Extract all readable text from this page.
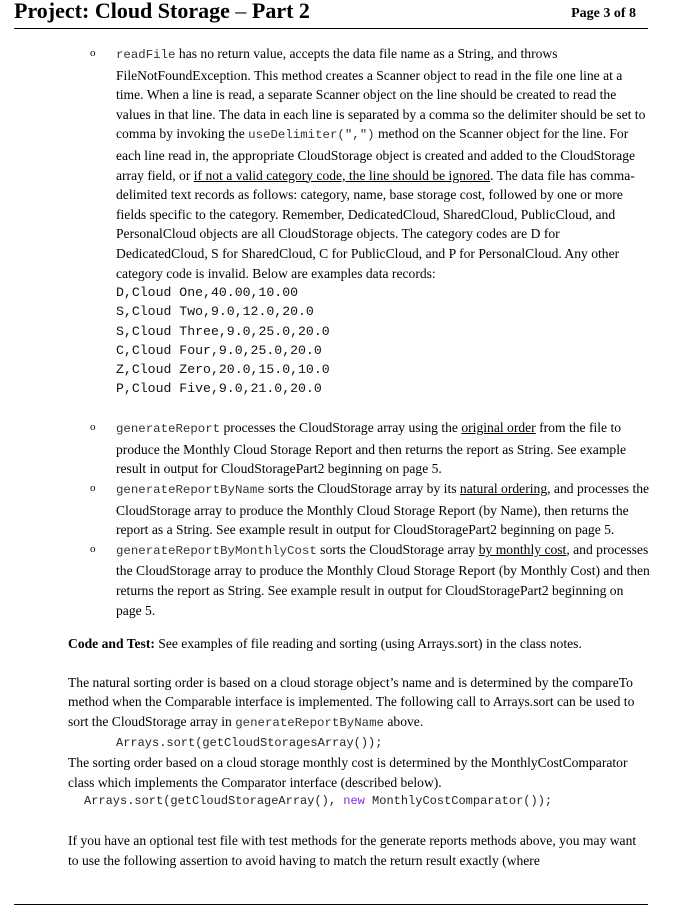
Project: Cloud Storage – Part 2	Page 3 of 8
o readFile has no return value, accepts the data file name as a String, and throws FileNotFoundException. This method creates a Scanner object to read in the file one line at a time. When a line is read, a separate Scanner object on the line should be created to read the values in that line. The data in each line is separated by a comma so the delimiter should be set to comma by invoking the useDelimiter(",") method on the Scanner object for the line. For each line read in, the appropriate CloudStorage object is created and added to the CloudStorage array field, or if not a valid category code, the line should be ignored. The data file has comma-delimited text records as follows: category, name, base storage cost, followed by one or more fields specific to the category. Remember, DedicatedCloud, SharedCloud, PublicCloud, and PersonalCloud objects are all CloudStorage objects. The category codes are D for DedicatedCloud, S for SharedCloud, C for PublicCloud, and P for PersonalCloud. Any other category code is invalid. Below are examples data records:
D,Cloud One,40.00,10.00
S,Cloud Two,9.0,12.0,20.0
S,Cloud Three,9.0,25.0,20.0
C,Cloud Four,9.0,25.0,20.0
Z,Cloud Zero,20.0,15.0,10.0
P,Cloud Five,9.0,21.0,20.0
o generateReport processes the CloudStorage array using the original order from the file to produce the Monthly Cloud Storage Report and then returns the report as String. See example result in output for CloudStoragePart2 beginning on page 5.
o generateReportByName sorts the CloudStorage array by its natural ordering, and processes the CloudStorage array to produce the Monthly Cloud Storage Report (by Name), then returns the report as a String. See example result in output for CloudStoragePart2 beginning on page 5.
o generateReportByMonthlyCost sorts the CloudStorage array by monthly cost, and processes the CloudStorage array to produce the Monthly Cloud Storage Report (by Monthly Cost) and then returns the report as String. See example result in output for CloudStoragePart2 beginning on page 5.
Code and Test: See examples of file reading and sorting (using Arrays.sort) in the class notes.
The natural sorting order is based on a cloud storage object’s name and is determined by the compareTo method when the Comparable interface is implemented. The following call to Arrays.sort can be used to sort the CloudStorage array in generateReportByName above.
Arrays.sort(getCloudStoragesArray());
The sorting order based on a cloud storage monthly cost is determined by the MonthlyCostComparator class which implements the Comparator interface (described below).
Arrays.sort(getCloudStorageArray(), new MonthlyCostComparator());
If you have an optional test file with test methods for the generate reports methods above, you may want to use the following assertion to avoid having to match the return result exactly (where
